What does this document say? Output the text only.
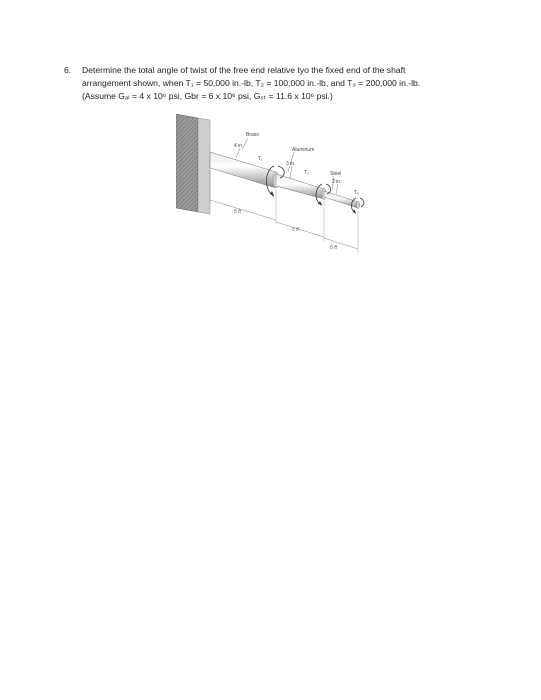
6. Determine the total angle of twist of the free end relative tyo the fixed end of the shaft
arrangement shown, when T₁ = 50,000 in.-lb, T₂ = 100,000 in.-lb, and T₃ = 200,000 in.-lb.
(Assume Gₐₗ = 4 x 10⁶ psi, Gbr = 6 x 10⁶ psi, Gₛₜ = 11.6 x 10⁶ psi.)
Brass
4 in.
T₁
Aluminum
3 in.
T₂	Steel
2 in.
T₃
5 ft
5 ft
5 ft
